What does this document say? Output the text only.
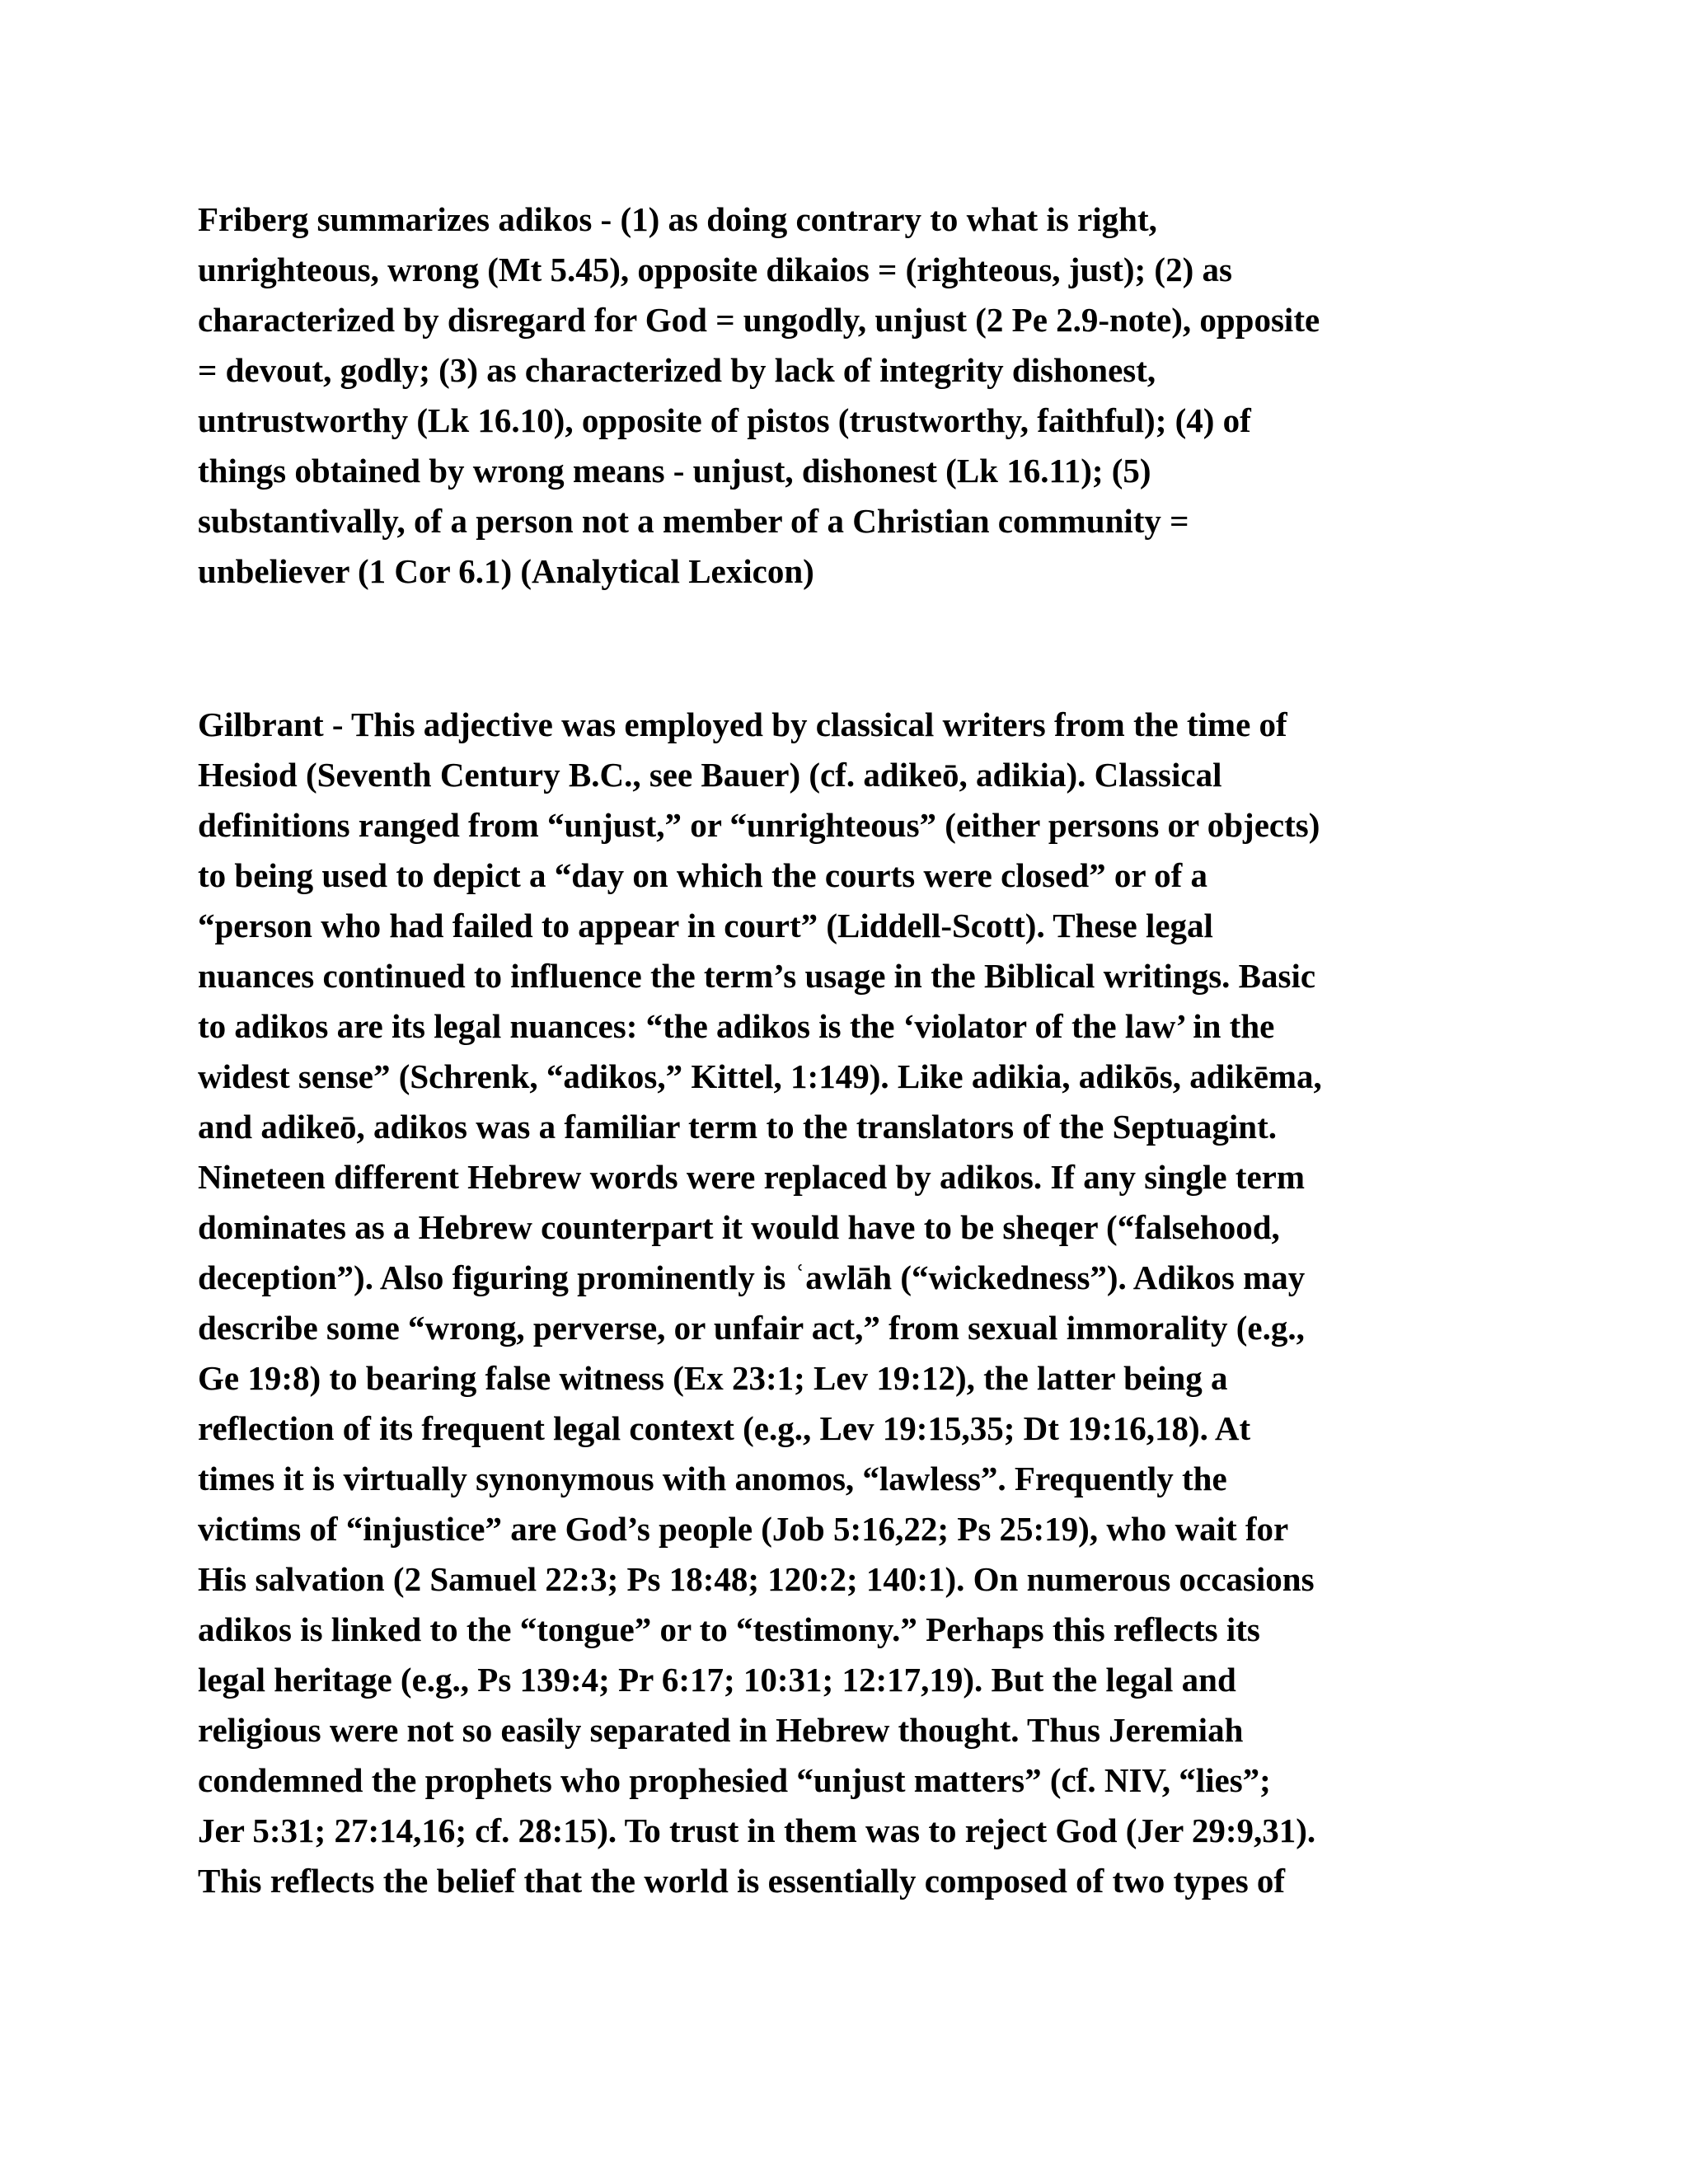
Friberg summarizes adikos - (1) as doing contrary to what is right,
unrighteous, wrong (Mt 5.45), opposite dikaios = (righteous, just); (2) as
characterized by disregard for God = ungodly, unjust (2 Pe 2.9-note), opposite
= devout, godly; (3) as characterized by lack of integrity dishonest,
untrustworthy (Lk 16.10), opposite of pistos (trustworthy, faithful); (4) of
things obtained by wrong means - unjust, dishonest (Lk 16.11); (5)
substantivally, of a person not a member of a Christian community =
unbeliever (1 Cor 6.1) (Analytical Lexicon)

Gilbrant - This adjective was employed by classical writers from the time of
Hesiod (Seventh Century B.C., see Bauer) (cf. adikeō, adikia). Classical
definitions ranged from “unjust,” or “unrighteous” (either persons or objects)
to being used to depict a “day on which the courts were closed” or of a
“person who had failed to appear in court” (Liddell-Scott). These legal
nuances continued to influence the term’s usage in the Biblical writings. Basic
to adikos are its legal nuances: “the adikos is the ‘violator of the law’ in the
widest sense” (Schrenk, “adikos,” Kittel, 1:149). Like adikia, adikōs, adikēma,
and adikeō, adikos was a familiar term to the translators of the Septuagint.
Nineteen different Hebrew words were replaced by adikos. If any single term
dominates as a Hebrew counterpart it would have to be sheqer (“falsehood,
deception”). Also figuring prominently is ʿawlāh (“wickedness”). Adikos may
describe some “wrong, perverse, or unfair act,” from sexual immorality (e.g.,
Ge 19:8) to bearing false witness (Ex 23:1; Lev 19:12), the latter being a
reflection of its frequent legal context (e.g., Lev 19:15,35; Dt 19:16,18). At
times it is virtually synonymous with anomos, “lawless”. Frequently the
victims of “injustice” are God’s people (Job 5:16,22; Ps 25:19), who wait for
His salvation (2 Samuel 22:3; Ps 18:48; 120:2; 140:1). On numerous occasions
adikos is linked to the “tongue” or to “testimony.” Perhaps this reflects its
legal heritage (e.g., Ps 139:4; Pr 6:17; 10:31; 12:17,19). But the legal and
religious were not so easily separated in Hebrew thought. Thus Jeremiah
condemned the prophets who prophesied “unjust matters” (cf. NIV, “lies”;
Jer 5:31; 27:14,16; cf. 28:15). To trust in them was to reject God (Jer 29:9,31).
This reflects the belief that the world is essentially composed of two types of
